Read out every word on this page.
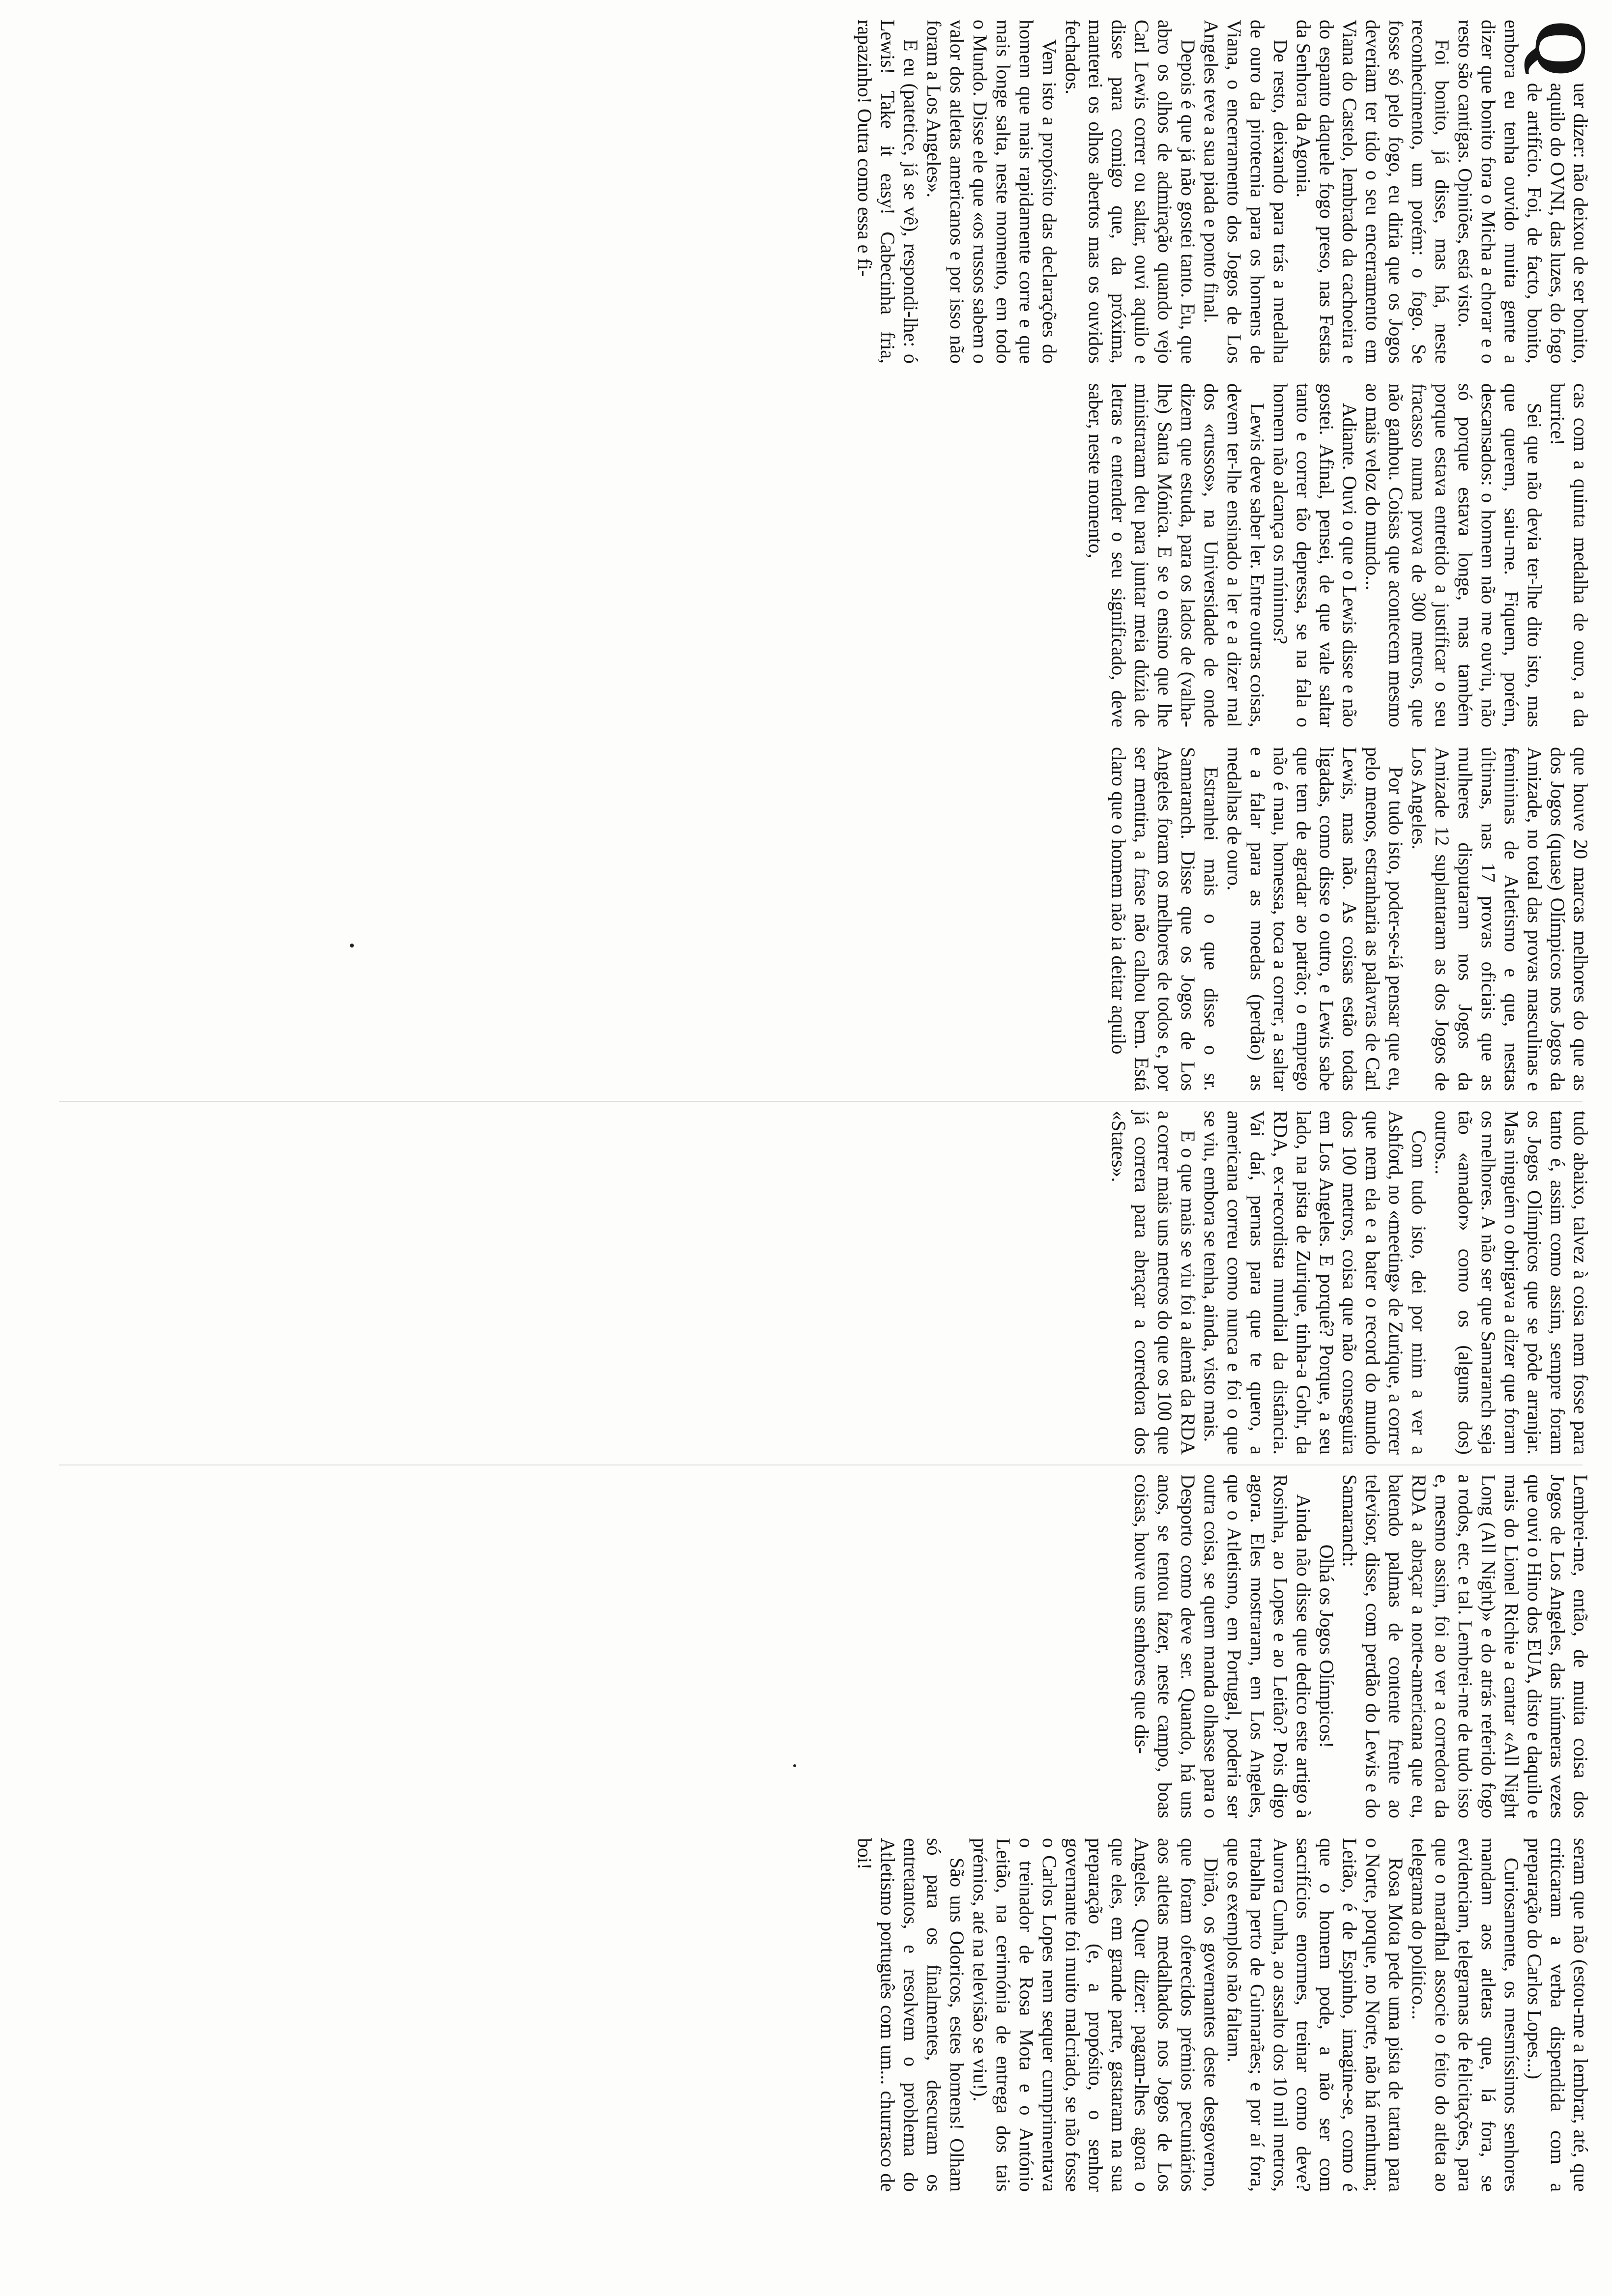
Q

uer dizer: não deixou de ser bonito, aquilo do OVNI, das luzes, do fogo de artifício. Foi, de facto, bonito, embora eu tenha ouvido muita gente a dizer que bonito fora o Micha a chorar e o resto são cantigas. Opiniões, está visto.

Foi bonito, já disse, mas há, neste reconhecimento, um porém: o fogo. Se fosse só pelo fogo, eu diria que os Jogos deveriam ter tido o seu encerramento em Viana do Castelo, lembrado da cachoeira e do espanto daquele fogo preso, nas Festas da Senhora da Agonia.

De resto, deixando para trás a medalha de ouro da pirotecnia para os homens de Viana, o encerramento dos Jogos de Los Angeles teve a sua piada e ponto final.

Depois é que já não gostei tanto. Eu, que abro os olhos de admiração quando vejo Carl Lewis correr ou saltar, ouvi aquilo e disse para comigo que, da próxima, manterei os olhos abertos mas os ouvidos fechados.

Vem isto a propósito das declarações do homem que mais rapidamente corre e que mais longe salta, neste momento, em todo o Mundo. Disse ele que «os russos sabem o valor dos atletas americanos e por isso não foram a Los Angeles».

E eu (patetice, já se vê), respondi-lhe: ó Lewis! Take it easy! Cabecinha fria, rapazinho! Outra como essa e fi-

cas com a quinta medalha de ouro, a da burrice!

Sei que não devia ter-lhe dito isto, mas que querem, saiu-me. Fiquem, porém, descansados: o homem não me ouviu, não só porque estava longe, mas também porque estava entretido a justificar o seu fracasso numa prova de 300 metros, que não ganhou. Coisas que acontecem mesmo ao mais veloz do mundo...

Adiante. Ouvi o que o Lewis disse e não gostei. Afinal, pensei, de que vale saltar tanto e correr tão depressa, se na fala o homem não alcança os mínimos?

Lewis deve saber ler. Entre outras coisas, devem ter-lhe ensinado a ler e a dizer mal dos «russos», na Universidade de onde dizem que estuda, para os lados de (valha-lhe) Santa Mónica. E se o ensino que lhe ministraram deu para juntar meia dúzia de letras e entender o seu significado, deve saber, neste momento,

que houve 20 marcas melhores do que as dos Jogos (quase) Olímpicos nos Jogos da Amizade, no total das provas masculinas e femininas de Atletismo e que, nestas últimas, nas 17 provas oficiais que as mulheres disputaram nos Jogos da Amizade 12 suplantaram as dos Jogos de Los Angeles.

Por tudo isto, poder-se-iá pensar que eu, pelo menos, estranharia as palavras de Carl Lewis, mas não. As coisas estão todas ligadas, como disse o outro, e Lewis sabe que tem de agradar ao patrão; o emprego não é mau, homessa, toca a correr, a saltar e a falar para as moedas (perdão) as medalhas de ouro.

Estranhei mais o que disse o sr. Samaranch. Disse que os Jogos de Los Angeles foram os melhores de todos e, por ser mentira, a frase não calhou bem. Está claro que o homem não ia deitar aquilo

tudo abaixo, talvez à coisa nem fosse para tanto é, assim como assim, sempre foram os Jogos Olímpicos que se pôde arranjar. Mas ninguém o obrigava a dizer que foram os melhores. A não ser que Samaranch seja tão «amador» como os (alguns dos) outros...

Com tudo isto, dei por mim a ver a Ashford, no «meeting» de Zurique, a correr que nem ela e a bater o record do mundo dos 100 metros, coisa que não conseguira em Los Angeles. E porquê? Porque, a seu lado, na pista de Zurique, tinha-a Gohr, da RDA, ex-recordista mundial da distância. Vai daí, pernas para que te quero, a americana correu como nunca e foi o que se viu, embora se tenha, ainda, visto mais.

E o que mais se viu foi a alemã da RDA a correr mais uns metros do que os 100 que já correra para abraçar a corredora dos «States».

Lembrei-me, então, de muita coisa dos Jogos de Los Angeles, das inúmeras vezes que ouvi o Hino dos EUA, disto e daquilo e mais do Lionel Richie a cantar «All Night Long (All Night)» e do atrás referido fogo a rodos, etc. e tal. Lembrei-me de tudo isso e, mesmo assim, foi ao ver a corredora da RDA a abraçar a norte-americana que eu, batendo palmas de contente frente ao televisor, disse, com perdão do Lewis e do Samaranch:

Olhá os Jogos Olímpicos!

Ainda não disse que dedico este artigo à Rosinha, ao Lopes e ao Leitão? Pois digo agora. Eles mostraram, em Los Angeles, que o Atletismo, em Portugal, poderia ser outra coisa, se quem manda olhasse para o Desporto como deve ser. Quando, há uns anos, se tentou fazer, neste campo, boas coisas, houve uns senhores que dis-

seram que não (estou-me a lembrar, até, que criticaram a verba dispendida com a preparação do Carlos Lopes...)

Curiosamente, os mesmíssimos senhores mandam aos atletas que, lá fora, se evidenciam, telegramas de felicitações, para que o marafhal associe o feito do atleta ao telegrama do político...

Rosa Mota pede uma pista de tartan para o Norte, porque, no Norte, não há nenhuma; Leitão, é de Espinho, imagine-se, como é que o homem pode, a não ser com sacrifícios enormes, treinar como deve? Aurora Cunha, ao assalto dos 10 mil metros, trabalha perto de Guimarães; e por aí fora, que os exemplos não faltam.

Dirão, os governantes deste desgoverno, que foram oferecidos prémios pecuniários aos atletas medalhados nos Jogos de Los Angeles. Quer dizer: pagam-lhes agora o que eles, em grande parte, gastaram na sua preparação (e, a propósito, o senhor governante foi muito malcriado, se não fosse o Carlos Lopes nem sequer cumprimentava o treinador de Rosa Mota e o António Leitão, na cerimónia de entrega dos tais prémios, até na televisão se viu!).

São uns Odoricos, estes homens! Olham só para os finalmentes, descuram os entretantos, e resolvem o problema do Atletismo português com um... churrasco de boi!
